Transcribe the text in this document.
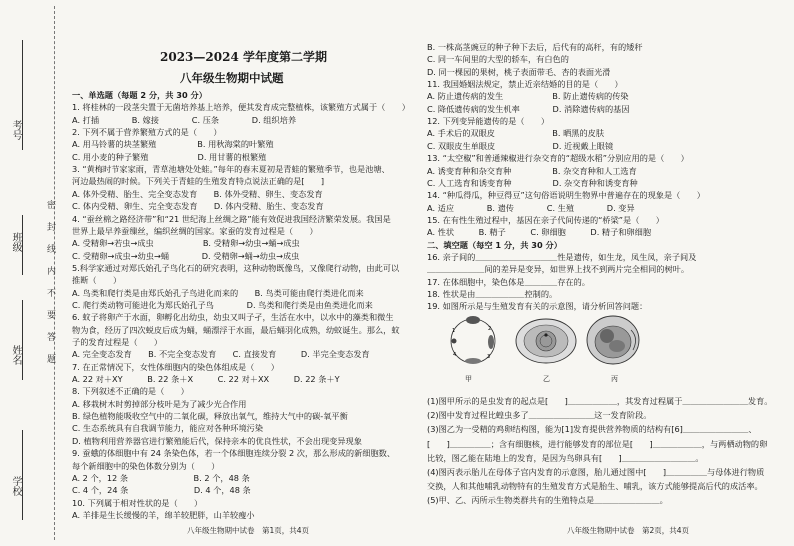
密　封　线　内　不　要　答　题
考号
班级
姓名
学校
2023—2024 学年度第二学期
八年级生物期中试题
一、单选题（每题 2 分，共 30 分）
1. 将桂林的一段茎尖置于无菌培养基上培养，便其发育成完整植株，该繁殖方式属于（　　）
A. 打插　　　　B. 嫁接　　　　C. 压条　　　　D. 组织培养
2. 下列不属于营养繁殖方式的是（　　）
A. 用马铃薯的块茎繁殖　　　　　B. 用秋海棠的叶繁殖
C. 用小麦的种子繁殖　　　　　　D. 用甘薯的根繁殖
3. “黄梅时节家家雨，青草池塘处处蛙。”每年的春末夏初是青蛙的繁殖季节，也是池塘、
河边最热闹的时候。下列关于青蛙的生殖发育特点说法正确的是[　　]
A. 体外受精、胎生、完全变态发育　　B. 体外受精、卵生、变态发育
C. 体内受精、卵生、完全变态发育　　D. 体内受精、胎生、变态发育
4. “蚕丝棉之路经济带”和“21 世纪海上丝绸之路”能有效促进我国经济繁荣发展。我国是
世界上最早养蚕缫丝，编织丝绸的国家。家蚕的发育过程是（　　）
A. 受精卵→若虫→成虫　　　　　　B. 受精卵→幼虫→蛹→成虫
C. 受精卵→成虫→幼虫→蛹　　　　D. 受精卵→蛹→幼虫→成虫
5.科学家通过对郑氏始孔子鸟化石的研究表明，这种动物既像鸟，又像爬行动物，由此可以
推断（　　）
A. 鸟类和爬行类是由郑氏始孔子鸟进化而来的　　B. 鸟类可能由爬行类进化而来
C. 爬行类动物可能进化为郑氏始孔子鸟　　　　D. 鸟类和爬行类是由鱼类进化而来
6. 蚊子将卵产于水面，卵孵化出幼虫，幼虫又叫子孑，生活在水中，以水中的藻类和微生
物为食，经历了四次蜕皮后成为蛹，蛹漂浮于水面，最后蛹羽化成熟，幼蚊诞生。那么，蚊
子的发育过程是（　　）
A. 完全变态发育　　B. 不完全变态发育　　C. 直接发育　　　D. 半完全变态发育
7. 在正常情况下，女性体细胞内的染色体组成是（　　）
A. 22 对＋XY　　　B. 22 条＋X　　　C. 22 对＋XX　　　D. 22 条＋Y
8. 下列叙述不正确的是（　　）
A. 移栽树木时剪掉部分枝叶是为了减少光合作用
B. 绿色植物能吸收空气中的二氧化碳，释放出氧气，维持大气中的碳-氧平衡
C. 生态系统具有自我调节能力，能应对各种环境污染
D. 植物利用营养器官进行繁殖能后代，保持亲本的优良性状，不会出现变异现象
9. 蚕蛾的体细胞中有 24 条染色体，若一个体细胞连续分裂 2 次，那么形成的新细胞数、
每个新细胞中的染色体数分别为（　　）
A. 2 个，12 条　　　　　　　　B. 2 个，48 条
C. 4 个，24 条　　　　　　　　D. 4 个，48 条
10. 下列属于相对性状的是（　　）
A. 羊排是生长缓慢的羊，绵羊较肥胖，山羊较瘦小
八年级生物期中试卷　第1页，共4页
B. 一株高茎豌豆的种子种下去后，后代有的高秆，有的矮秆
C. 同一车间里的大型的轿车，有白色的
D. 同一棵园的果树，桃子表面带毛、杏的表面光滑
11. 我国婚姻法规定，禁止近亲结婚的目的是（　　）
A. 防止遗传病的发生　　　　　　B. 防止遗传病的传染
C. 降低遗传病的发生机率　　　　D. 消除遗传病的基因
12. 下列变异能遗传的是（　　）
A. 手术后的双眼皮　　　　　　　B. 晒黑的皮肤
C. 双眼皮生单眼皮　　　　　　　D. 近视戴上眼镜
13. “太空椒”和普通辣椒进行杂交育的“超级水稻”分别应用的是（　　）
A. 诱变育种和杂交育种　　　　　B. 杂交育种和人工选育
C. 人工选育和诱变育种　　　　　D. 杂交育种和诱变育种
14. “种瓜得瓜，种豆得豆”这句俗语说明生物界中普遍存在的现象是（　　）
A. 适应　　　　B. 遗传　　　　C. 生殖　　　　D. 变异
15. 在有性生殖过程中，基因在亲子代间传递的“桥梁”是（　　）
A. 性状　　　B. 精子　　　C. 卵细胞　　　D. 精子和卵细胞
二、填空题（每空 1 分，共 30 分）
16. 亲子间的＿＿＿＿＿＿＿＿＿＿性是遗传，如生龙，凤生凤，亲子间及
＿＿＿＿＿＿＿间的差异是变异，如世界上找不到两片完全相同的树叶。
17. 在体细胞中，染色体是＿＿＿＿存在的。
18. 性状是由＿＿＿＿＿＿控制的。
19. 如图所示是与生殖发育有关的示意图，请分析回答问题：
1	2
3
4
甲	乙	丙
(1)图甲所示的是虫发育的起点是[　　]＿＿＿＿＿＿，其发育过程属于＿＿＿＿＿＿＿＿发育。
(2)图中发育过程比蝗虫多了＿＿＿＿＿＿＿＿这一发育阶段。
(3)图乙为一受精的鸡卵结构图，能为[1]发育提供营养物质的结构有[6]＿＿＿＿＿＿＿＿、
[　　]＿＿＿＿＿；含有细胞核，进行能够发育的部位是[　　]＿＿＿＿＿＿，与两栖动物的卵
比较，图乙能在陆地上的发育，是因为鸟卵具有[　　]＿＿＿＿＿＿＿＿＿。
(4)图丙表示胎儿在母体子宫内发育的示意图，胎儿通过图中[　　]＿＿＿＿＿与母体进行物质
交换，人和其他哺乳动物特有的生殖发育方式是胎生、哺乳，该方式能够提高后代的成活率。
(5)甲、乙、丙所示生物类群共有的生殖特点是＿＿＿＿＿＿＿＿。
八年级生物期中试卷　第2页，共4页
